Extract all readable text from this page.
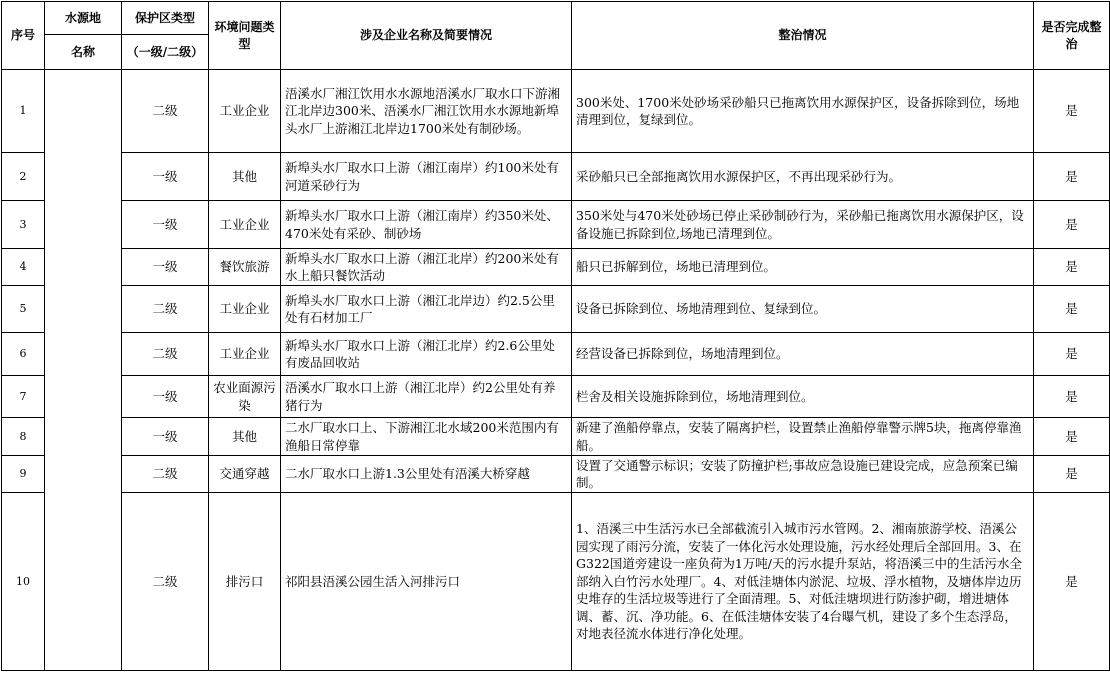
序号	水源地	保护区类型	环境问题类型	涉及企业名称及简要情况	整治情况	是否完成整治
	名称	（一级/二级）				
1		二级	工业企业	浯溪水厂湘江饮用水水源地浯溪水厂取水口下游湘江北岸边300米、浯溪水厂湘江饮用水水源地新埠头水厂上游湘江北岸边1700米处有制砂场。	300米处、1700米处砂场采砂船只已拖离饮用水源保护区，设备拆除到位，场地清理到位，复绿到位。	是
2		一级	其他	新埠头水厂取水口上游（湘江南岸）约100米处有河道采砂行为	采砂船只已全部拖离饮用水源保护区，不再出现采砂行为。	是
3		一级	工业企业	新埠头水厂取水口上游（湘江南岸）约350米处、470米处有采砂、制砂场	350米处与470米处砂场已停止采砂制砂行为，采砂船已拖离饮用水源保护区，设备设施已拆除到位,场地已清理到位。	是
4		一级	餐饮旅游	新埠头水厂取水口上游（湘江北岸）约200米处有水上船只餐饮活动	船只已拆解到位，场地已清理到位。	是
5		二级	工业企业	新埠头水厂取水口上游（湘江北岸边）约2.5公里处有石材加工厂	设备已拆除到位、场地清理到位、复绿到位。	是
6		二级	工业企业	新埠头水厂取水口上游（湘江北岸）约2.6公里处有废品回收站	经营设备已拆除到位，场地清理到位。	是
7		一级	农业面源污染	浯溪水厂取水口上游（湘江北岸）约2公里处有养猪行为	栏舍及相关设施拆除到位，场地清理到位。	是
8		一级	其他	二水厂取水口上、下游湘江北水域200米范围内有渔船日常停靠	新建了渔船停靠点，安装了隔离护栏，设置禁止渔船停靠警示牌5块，拖离停靠渔船。	是
9		二级	交通穿越	二水厂取水口上游1.3公里处有浯溪大桥穿越	设置了交通警示标识；安装了防撞护栏;事故应急设施已建设完成，应急预案已编制。	是
10		二级	排污口	祁阳县浯溪公园生活入河排污口	1、浯溪三中生活污水已全部截流引入城市污水管网。2、湘南旅游学校、浯溪公园实现了雨污分流，安装了一体化污水处理设施，污水经处理后全部回用。3、在G322国道旁建设一座负荷为1万吨/天的污水提升泵站，将浯溪三中的生活污水全部纳入白竹污水处理厂。4、对低洼塘体内淤泥、垃圾、浮水植物，及塘体岸边历史堆存的生活垃圾等进行了全面清理。5、对低洼塘坝进行防渗护砌，增进塘体调、蓄、沉、净功能。6、在低洼塘体安装了4台曝气机，建设了多个生态浮岛，对地表径流水体进行净化处理。	是
